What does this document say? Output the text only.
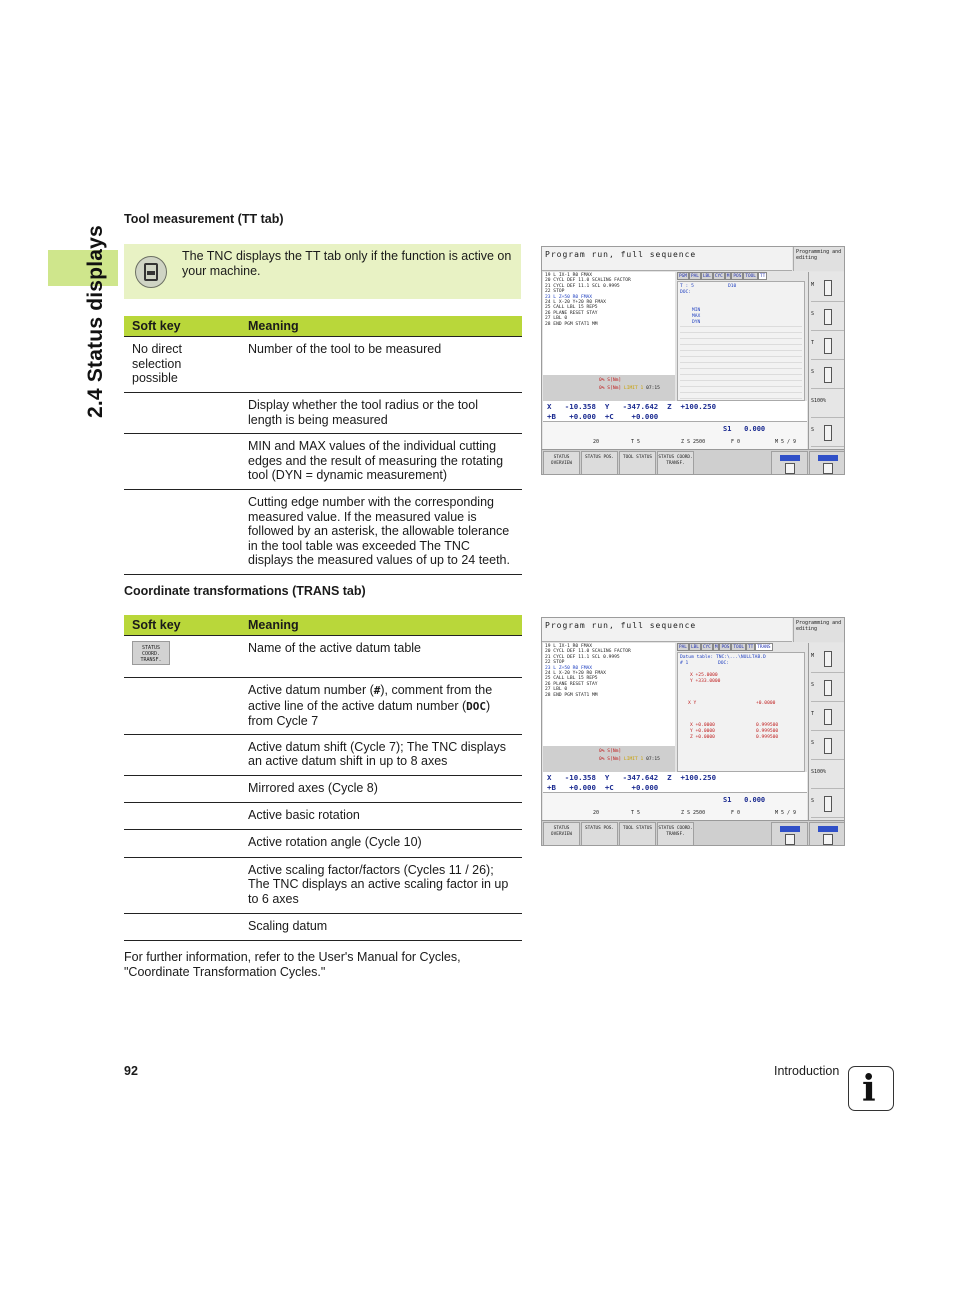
2.4 Status displays
Tool measurement (TT tab)
The TNC displays the TT tab only if the function is active on your machine.
Soft key	Meaning
No direct selection possible	Number of the tool to be measured
	Display whether the tool radius or the tool length is being measured
	MIN and MAX values of the individual cutting edges and the result of measuring the rotating tool (DYN = dynamic measurement)
	Cutting edge number with the corresponding measured value. If the measured value is followed by an asterisk, the allowable tolerance in the tool table was exceeded The TNC displays the measured values of up to 24 teeth.
Coordinate transformations (TRANS tab)
Soft key	Meaning
STATUS COORD. TRANSF.	Name of the active datum table
	Active datum number (#), comment from the active line of the active datum number (DOC) from Cycle 7
	Active datum shift (Cycle 7); The TNC displays an active datum shift in up to 8 axes
	Mirrored axes (Cycle 8)
	Active basic rotation
	Active rotation angle (Cycle 10)
	Active scaling factor/factors (Cycles 11 / 26); The TNC displays an active scaling factor in up to 6 axes
	Scaling datum
For further information, refer to the User's Manual for Cycles, "Coordinate Transformation Cycles."
92	Introduction i
Program run, full sequence	Programming and editing
19 L IX-1 R0 FMAX
20 CYCL DEF 11.0 SCALING FACTOR
21 CYCL DEF 11.1 SCL 0.9995
22 STOP
23 L Z+50 R0 FMAX
24 L X-20 Y+20 R0 FMAX
25 CALL LBL 15 REP5
26 PLANE RESET STAY
27 LBL 0
28 END PGM STAT1 MM
0% S[Nm]
0% S[Nm] LIMIT 1 07:15
PGM PAL LBL CYC M POS TOOL TT
T : 5
DOC:
D10
MIN
MAX
DYN
M
S
T
S
S100%
S
X   -10.358  Y   -347.642  Z  +100.250
+B   +0.000  +C    +0.000
S1   0.000
20	T 5	Z S 2500	F 0	M 5 / 9
STATUS OVERVIEW
STATUS POS.	TOOL STATUS	STATUS COORD. TRANSF.
Program run, full sequence	Programming and editing
19 L IX-1 R0 FMAX
20 CYCL DEF 11.0 SCALING FACTOR
21 CYCL DEF 11.1 SCL 0.9995
22 STOP
23 L Z+50 R0 FMAX
24 L X-20 Y+20 R0 FMAX
25 CALL LBL 15 REP5
26 PLANE RESET STAY
27 LBL 0
28 END PGM STAT1 MM
0% S[Nm]
0% S[Nm] LIMIT 1 07:15
PAL LBL CYC M POS TOOL TT TRANS
Datum table: TNC:\...\NULLTAB.D
# 1	DOC:
X +25.0000
Y +333.0000
X Y	+0.0000
X +0.0000
Y +0.0000
Z +0.0000
0.999500
0.999500
0.999500
M
S
T
S
S100%
S
X   -10.358  Y   -347.642  Z  +100.250
+B   +0.000  +C    +0.000
S1   0.000
20	T 5	Z S 2500	F 0	M 5 / 9
STATUS OVERVIEW
STATUS POS.	TOOL STATUS	STATUS COORD. TRANSF.
